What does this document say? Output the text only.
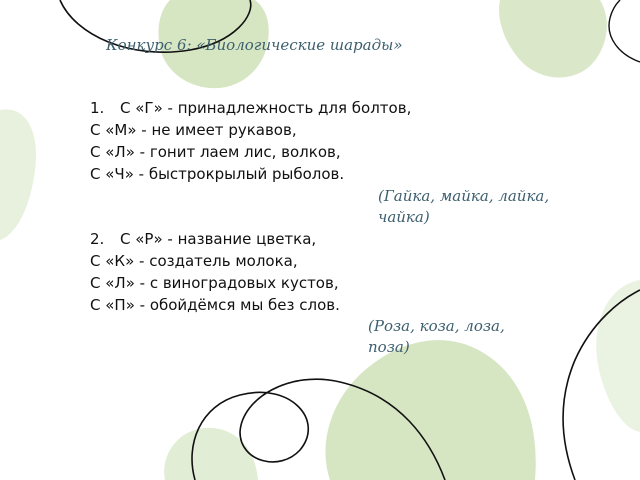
Конкурс 6: «Биологические шарады»
1. С «Г» - принадлежность для болтов,
С «М» - не имеет рукавов,
С «Л» - гонит лаем лис, волков,
С «Ч» - быстрокрылый рыболов.
(Гайка, майка, лайка,
чайка)
2. С «Р» - название цветка,
С «К» - создатель молока,
С «Л» - с виноградовых кустов,
С «П» - обойдёмся мы без слов.
(Роза, коза, лоза,
поза)
